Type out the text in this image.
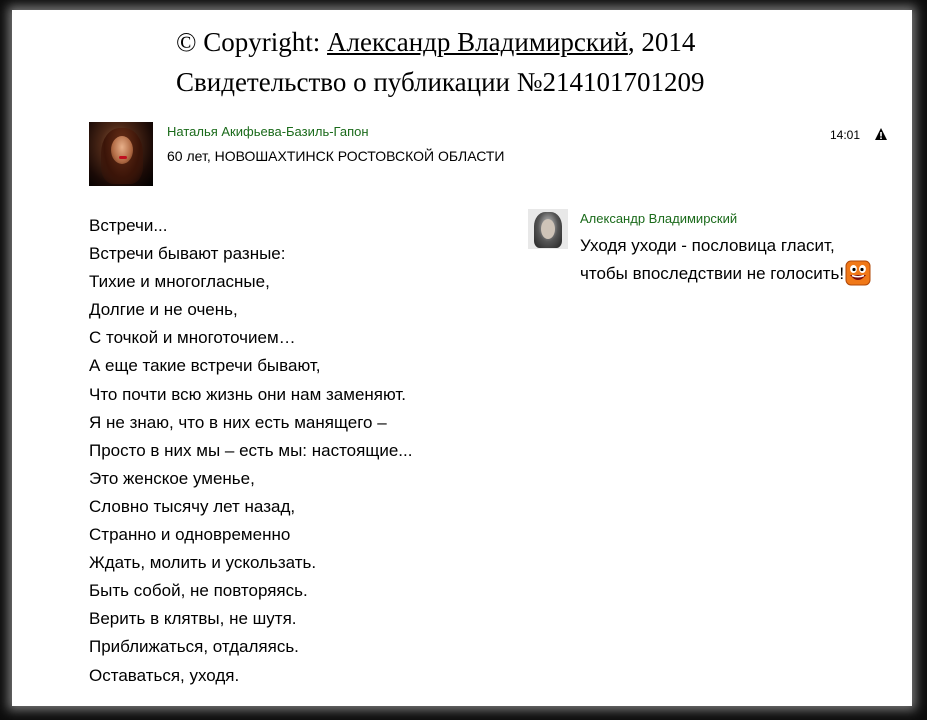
© Copyright: Александр Владимирский, 2014
Свидетельство о публикации №214101701209
Наталья Акифьева-Базиль-Гапон
60 лет, НОВОШАХТИНСК РОСТОВСКОЙ ОБЛАСТИ
14:01
Встречи...
Встречи бывают разные:
Тихие и многогласные,
Долгие и не очень,
С точкой и многоточием…
А еще такие встречи бывают,
Что почти всю жизнь они нам заменяют.
Я не знаю, что в них есть манящего –
Просто в них мы – есть мы: настоящие...
Это женское уменье,
Словно тысячу лет назад,
Странно и одновременно
Ждать, молить и ускользать.
Быть собой, не повторяясь.
Верить в клятвы, не шутя.
Приближаться, отдаляясь.
Оставаться, уходя.
Александр Владимирский
Уходя уходи - пословица гласит,
чтобы впоследствии не голосить!
